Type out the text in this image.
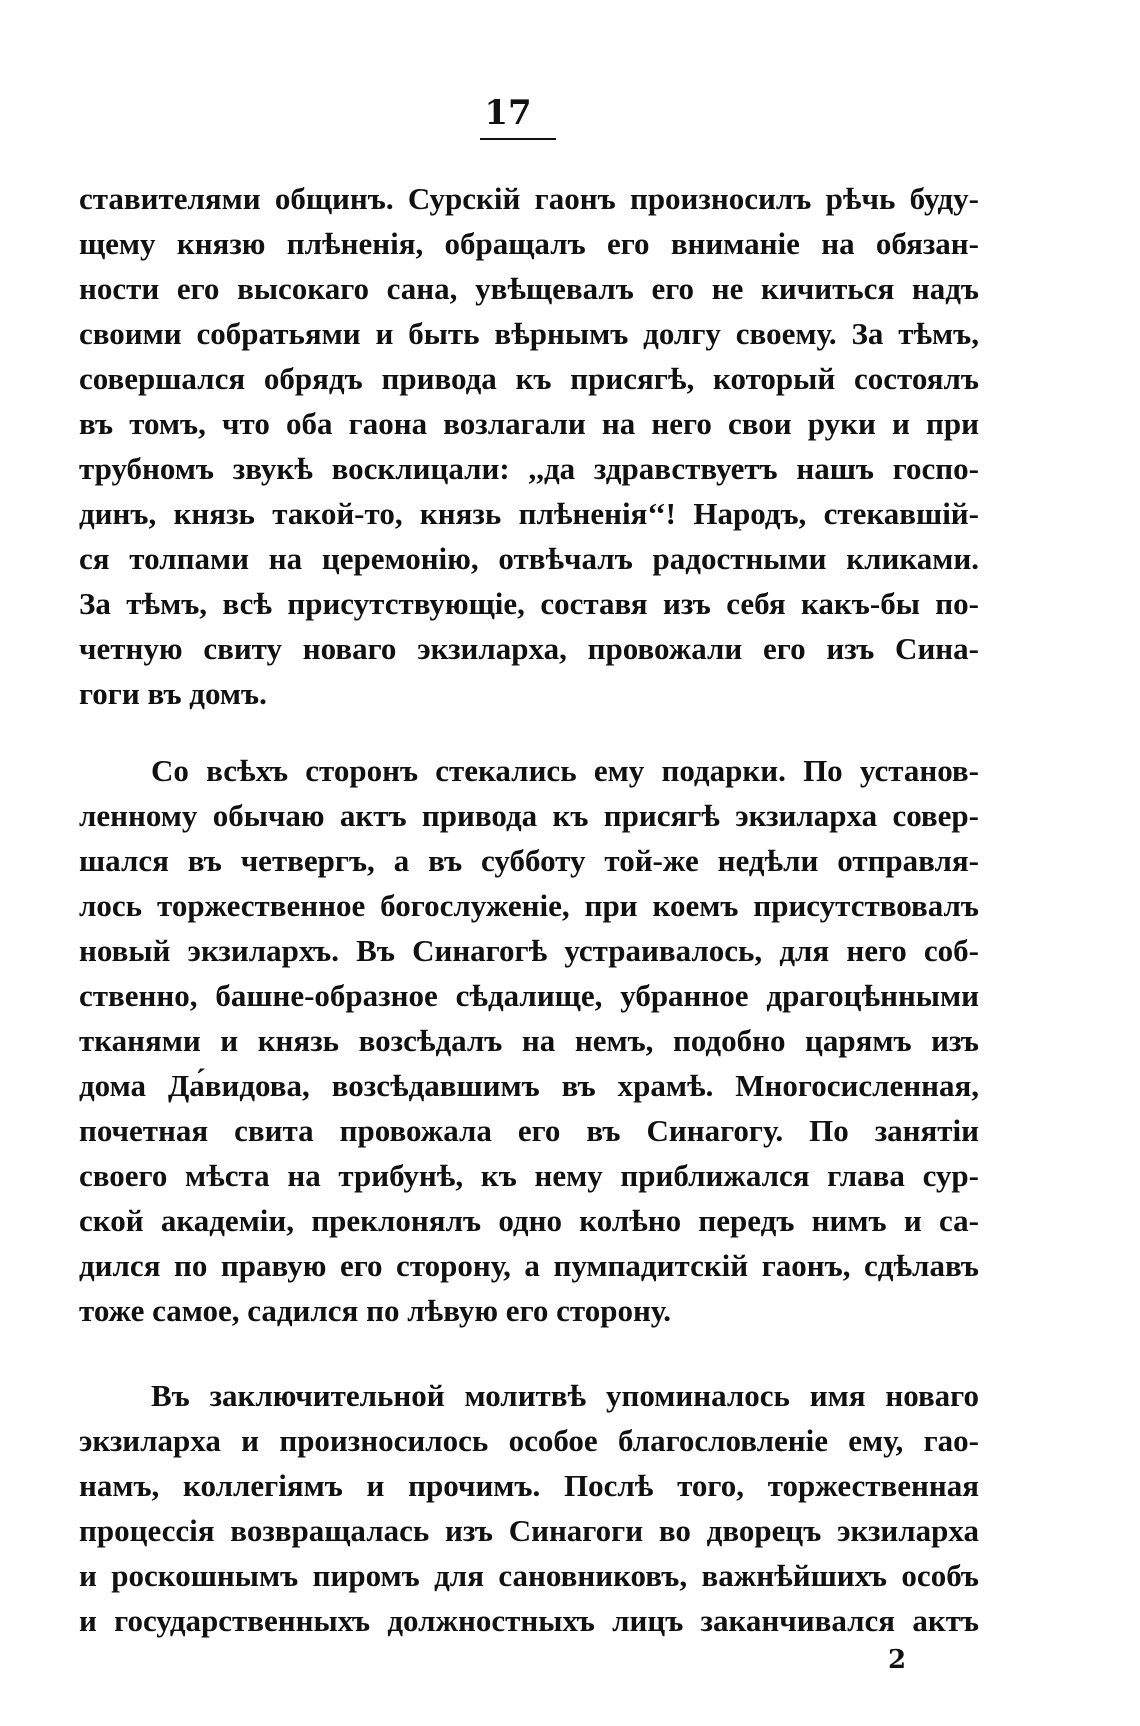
17
ставителями общинъ. Сурскій гаонъ произносилъ рѣчь буду-
щему князю плѣненія, обращалъ его вниманіе на обязан-
ности его высокаго сана, увѣщевалъ его не кичиться надъ
своими собратьями и быть вѣрнымъ долгу своему. За тѣмъ,
совершался обрядъ привода къ присягѣ, который состоялъ
въ томъ, что оба гаона возлагали на него свои руки и при
трубномъ звукѣ восклицали: ,,да здравствуетъ нашъ госпо-
динъ, князь такой-то, князь плѣненія‘‘! Народъ, стекавшій-
ся толпами на церемонію, отвѣчалъ радостными кликами.
За тѣмъ, всѣ присутствующіе, составя изъ себя какъ-бы по-
четную свиту новаго экзиларха, провожали его изъ Сина-
гоги въ домъ.
Со всѣхъ сторонъ стекались ему подарки. По установ-
ленному обычаю актъ привода къ присягѣ экзиларха совер-
шался въ четвергъ, а въ субботу той-же недѣли отправля-
лось торжественное богослуженіе, при коемъ присутствовалъ
новый экзилархъ. Въ Синагогѣ устраивалось, для него соб-
ственно, башне-образное сѣдалище, убранное драгоцѣнными
тканями и князь возсѣдалъ на немъ, подобно царямъ изъ
дома Да́видова, возсѣдавшимъ въ храмѣ. Многосисленная,
почетная свита провожала его въ Синагогу. По занятіи
своего мѣста на трибунѣ, къ нему приближался глава сур-
ской академіи, преклонялъ одно колѣно передъ нимъ и са-
дился по правую его сторону, а пумпадитскій гаонъ, сдѣлавъ
тоже самое, садился по лѣвую его сторону.
Въ заключительной молитвѣ упоминалось имя новаго
экзиларха и произносилось особое благословленіе ему, гао-
намъ, коллегіямъ и прочимъ. Послѣ того, торжественная
процессія возвращалась изъ Синагоги во дворецъ экзиларха
и роскошнымъ пиромъ для сановниковъ, важнѣйшихъ особъ
и государственныхъ должностныхъ лицъ заканчивался актъ
2
